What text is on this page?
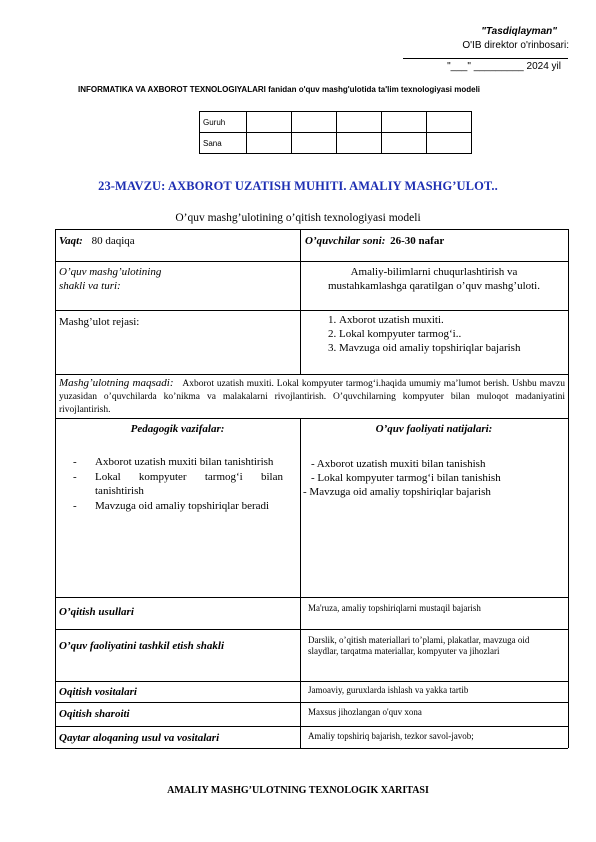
"Tasdiqlayman"
O'IB direktor o'rinbosari:
"___" _________ 2024 yil
INFORMATIKA VA AXBOROT TEXNOLOGIYALARI fanidan o'quv mashg'ulotida ta'lim texnologiyasi modeli
Guruh					
Sana					
23-MAVZU: AXBOROT UZATISH MUHITI. AMALIY MASHG’ULOT..
O’quv mashg’ulotining o’qitish texnologiyasi modeli
Vaqt: 80 daqiqa	O’quvchilar soni: 26-30 nafar
O’quv mashg’ulotining
shakli va turi:
Amaliy-bilimlarni chuqurlashtirish va mustahkamlashga qaratilgan o’quv mashg’uloti.
Mashg’ulot rejasi:
1.	Axborot uzatish muxiti.
2. Lokal kompyuter tarmog‘i..
3. Mavzuga oid amaliy topshiriqlar bajarish
Mashg’ulotning maqsadi: Axborot uzatish muxiti. Lokal kompyuter tarmog‘i.haqida umumiy ma’lumot berish. Ushbu mavzu yuzasidan o’quvchilarda ko’nikma va malakalarni rivojlantirish. O’quvchilarning kompyuter bilan muloqot madaniyatini rivojlantirish.
Pedagogik vazifalar:
- Axborot uzatish muxiti bilan tanishtirish
- Lokal kompyuter tarmog‘i bilan tanishtirish
- Mavzuga oid amaliy topshiriqlar beradi
O’quv faoliyati natijalari:
- Axborot uzatish muxiti bilan tanishish
- Lokal kompyuter tarmog‘i bilan tanishish
- Mavzuga oid amaliy topshiriqlar bajarish
O’qitish usullari	Ma'ruza, amaliy topshiriqlarni mustaqil bajarish
O’quv faoliyatini tashkil etish shakli	Darslik, o’qitish materiallari to’plami, plakatlar, mavzuga oid slaydlar, tarqatma materiallar, kompyuter va jihozlari
Oqitish vositalari	Jamoaviy, guruxlarda ishlash va yakka tartib
Oqitish sharoiti	Maxsus jihozlangan o'quv xona
Qaytar aloqaning usul va vositalari	Amaliy topshiriq bajarish, tezkor savol-javob;
AMALIY MASHG’ULOTNING TEXNOLOGIK XARITASI
